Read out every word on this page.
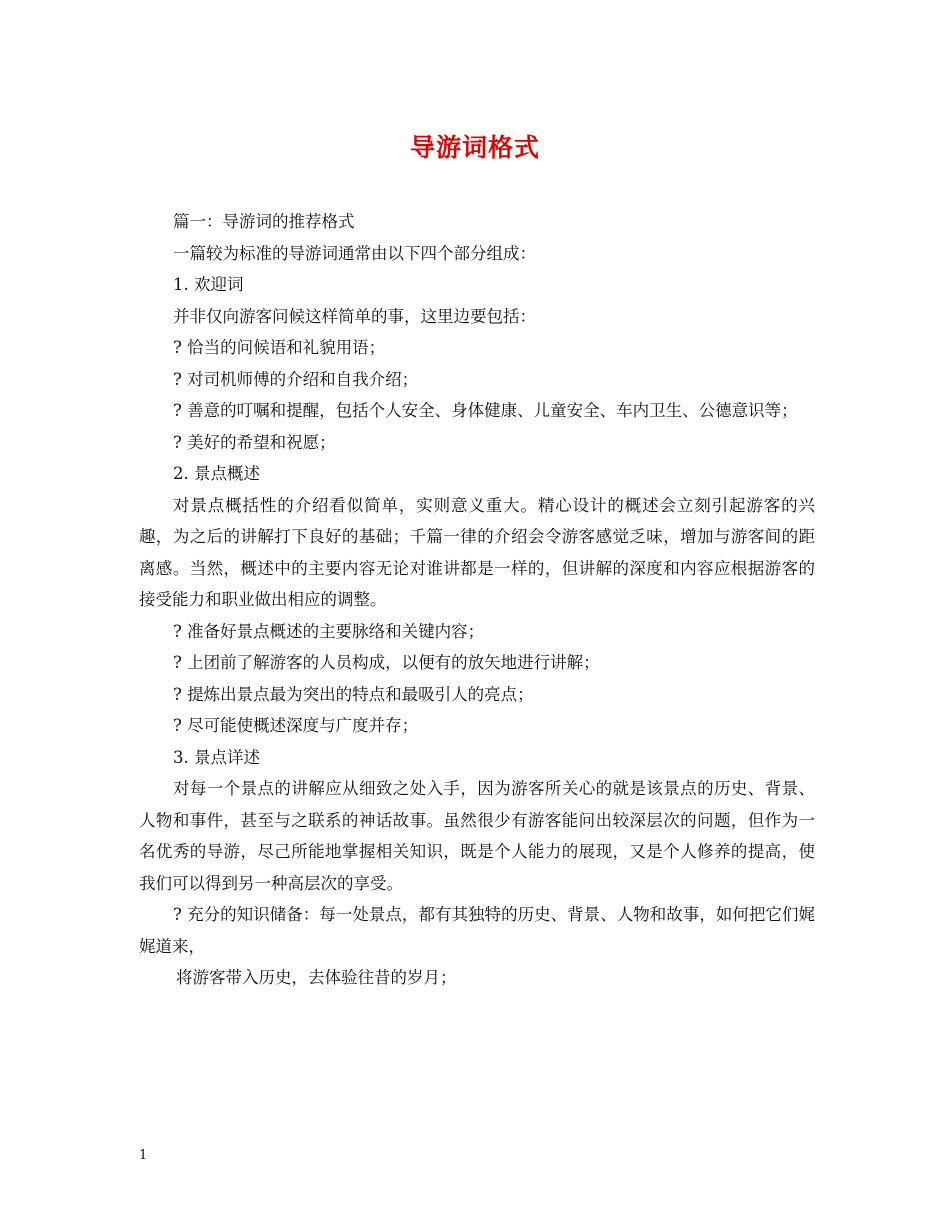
导游词格式

篇一：导游词的推荐格式

一篇较为标准的导游词通常由以下四个部分组成：

1. 欢迎词

并非仅向游客问候这样简单的事，这里边要包括：

? 恰当的问候语和礼貌用语；

? 对司机师傅的介绍和自我介绍；

? 善意的叮嘱和提醒，包括个人安全、身体健康、儿童安全、车内卫生、公德意识等；

? 美好的希望和祝愿；

2. 景点概述

对景点概括性的介绍看似简单，实则意义重大。精心设计的概述会立刻引起游客的兴趣，为之后的讲解打下良好的基础；千篇一律的介绍会令游客感觉乏味，增加与游客间的距离感。当然，概述中的主要内容无论对谁讲都是一样的，但讲解的深度和内容应根据游客的接受能力和职业做出相应的调整。

? 准备好景点概述的主要脉络和关键内容；

? 上团前了解游客的人员构成，以便有的放矢地进行讲解；

? 提炼出景点最为突出的特点和最吸引人的亮点；

? 尽可能使概述深度与广度并存；

3. 景点详述

对每一个景点的讲解应从细致之处入手，因为游客所关心的就是该景点的历史、背景、人物和事件，甚至与之联系的神话故事。虽然很少有游客能问出较深层次的问题，但作为一名优秀的导游，尽己所能地掌握相关知识，既是个人能力的展现，又是个人修养的提高，使我们可以得到另一种高层次的享受。

? 充分的知识储备：每一处景点，都有其独特的历史、背景、人物和故事，如何把它们娓娓道来，

将游客带入历史，去体验往昔的岁月；

1
